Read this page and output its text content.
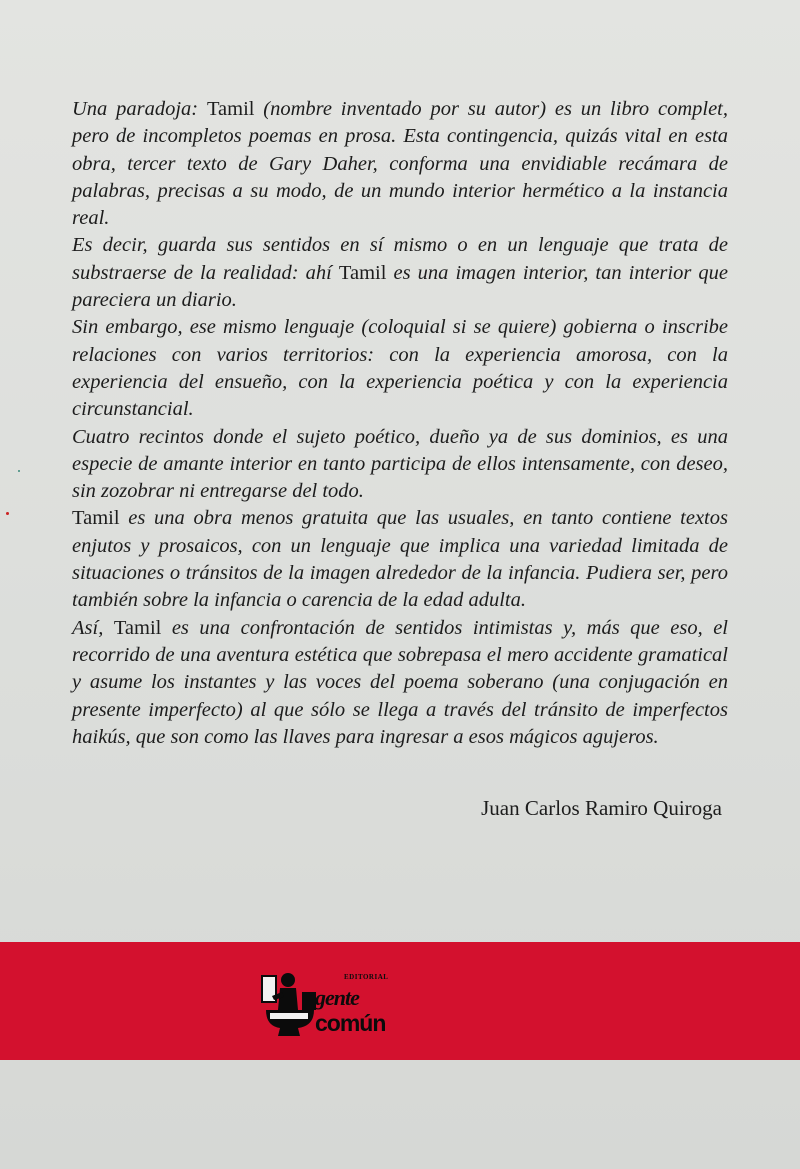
Una paradoja: Tamil (nombre inventado por su autor) es un libro complet, pero de incompletos poemas en prosa. Esta contingencia, quizás vital en esta obra, tercer texto de Gary Daher, conforma una envidiable recámara de palabras, precisas a su modo, de un mundo interior hermético a la instancia real.

Es decir, guarda sus sentidos en sí mismo o en un lenguaje que trata de substraerse de la realidad: ahí Tamil es una imagen interior, tan interior que pareciera un diario.

Sin embargo, ese mismo lenguaje (coloquial si se quiere) gobierna o inscribe relaciones con varios territorios: con la experiencia amorosa, con la experiencia del ensueño, con la experiencia poética y con la experiencia circunstancial.

Cuatro recintos donde el sujeto poético, dueño ya de sus dominios, es una especie de amante interior en tanto participa de ellos intensamente, con deseo, sin zozobrar ni entregarse del todo.

Tamil es una obra menos gratuita que las usuales, en tanto contiene textos enjutos y prosaicos, con un lenguaje que implica una variedad limitada de situaciones o tránsitos de la imagen alrededor de la infancia. Pudiera ser, pero también sobre la infancia o carencia de la edad adulta.

Así, Tamil es una confrontación de sentidos intimistas y, más que eso, el recorrido de una aventura estética que sobrepasa el mero accidente gramatical y asume los instantes y las voces del poema soberano (una conjugación en presente imperfecto) al que sólo se llega a través del tránsito de imperfectos haikús, que son como las llaves para ingresar a esos mágicos agujeros.

Juan Carlos Ramiro Quiroga
EDITORIAL
gente
común
